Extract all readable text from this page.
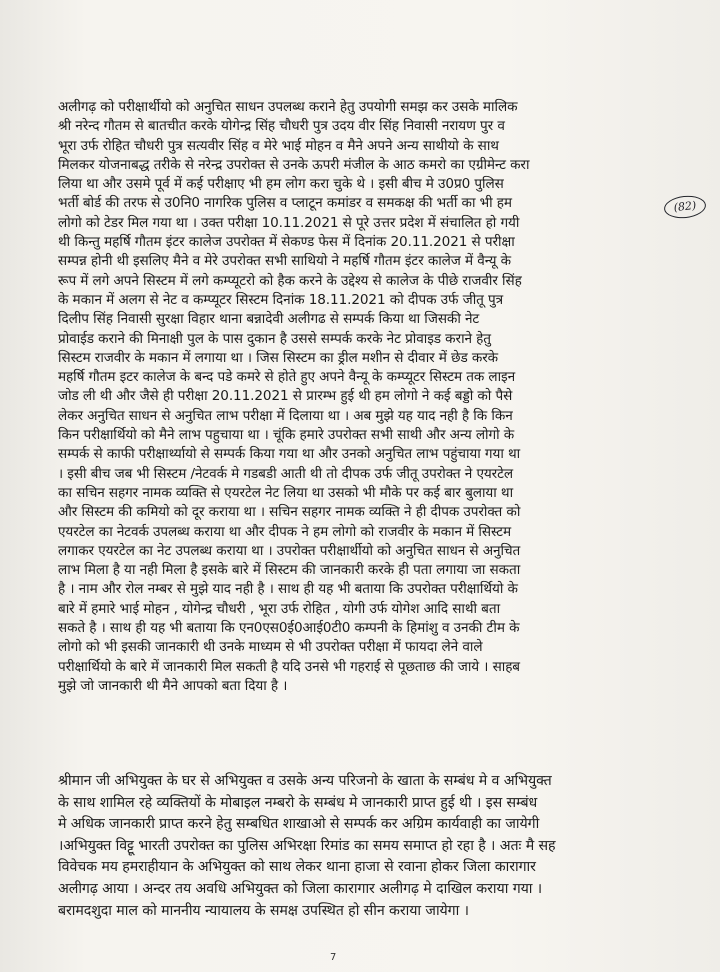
अलीगढ़ को परीक्षार्थीयो को अनुचित साधन उपलब्ध कराने हेतु उपयोगी समझ कर उसके मालिक
श्री नरेन्द गौतम से बातचीत करके योगेन्द्र सिंह चौधरी पुत्र उदय वीर सिंह निवासी नरायण पुर व
भूरा उर्फ रोहित चौधरी पुत्र सत्यवीर सिंह व मेरे भाई मोहन व मैने अपने अन्य साथीयो के साथ
मिलकर योजनाबद्ध तरीके से नरेन्द्र उपरोक्त से उनके ऊपरी मंजील के आठ कमरो का एग्रीमेन्ट करा
लिया था और उसमे पूर्व में कई परीक्षाए भी हम लोग करा चुके थे । इसी बीच मे उ0प्र0 पुलिस
भर्ती बोर्ड की तरफ से उ0नि0 नागरिक पुलिस व प्लाटून कमांडर व समकक्ष की भर्ती का भी हम
लोगो को टेडर मिल गया था । उक्त परीक्षा 10.11.2021 से पूरे उत्तर प्रदेश में संचालित हो गयी
थी किन्तु महर्षि गौतम इंटर कालेज उपरोक्त में सेकण्ड फेस में दिनांक 20.11.2021 से परीक्षा
सम्पन्न होनी थी इसलिए मैने व मेरे उपरोक्त सभी साथियो ने महर्षि गौतम इंटर कालेज में वैन्यू के
रूप में लगे अपने सिस्टम में लगे कम्प्यूटरो को हैक करने के उद्देश्य से कालेज के पीछे राजवीर सिंह
के मकान में अलग से नेट व कम्प्यूटर सिस्टम दिनांक 18.11.2021 को दीपक उर्फ जीतू पुत्र
दिलीप सिंह निवासी सुरक्षा विहार थाना बन्नादेवी अलीगढ से सम्पर्क किया था जिसकी नेट
प्रोवाईड कराने की मिनाक्षी पुल के पास दुकान है उससे सम्पर्क करके नेट प्रोवाइड कराने हेतु
सिस्टम राजवीर के मकान में लगाया था । जिस सिस्टम का ड्रील मशीन से दीवार में छेड करके
महर्षि गौतम इटर कालेज के बन्द पडे कमरे से होते हुए अपने वैन्यू के कम्प्यूटर सिस्टम तक लाइन
जोड ली थी और जैसे ही परीक्षा 20.11.2021 से प्रारम्भ हुई थी हम लोगो ने कई बड्डो को पैसे
लेकर अनुचित साधन से अनुचित लाभ परीक्षा में दिलाया था । अब मुझे यह याद नही है कि किन
किन परीक्षार्थियो को मैने लाभ पहुचाया था । चूंकि हमारे उपरोक्त सभी साथी और अन्य लोगो के
सम्पर्क से काफी परीक्षार्थ्यायो से सम्पर्क किया गया था और उनको अनुचित लाभ पहुंचाया गया था
। इसी बीच जब भी सिस्टम /नेटवर्क मे गडबडी आती थी तो दीपक उर्फ जीतू उपरोक्त ने एयरटेल
का सचिन सहगर नामक व्यक्ति से एयरटेल नेट लिया था उसको भी मौके पर कई बार बुलाया था
और सिस्टम की कमियो को दूर कराया था । सचिन सहगर नामक व्यक्ति ने ही दीपक उपरोक्त को
एयरटेल का नेटवर्क उपलब्ध कराया था और दीपक ने हम लोगो को राजवीर के मकान में सिस्टम
लगाकर एयरटेल का नेट उपलब्ध कराया था । उपरोक्त परीक्षार्थीयो को अनुचित साधन से अनुचित
लाभ मिला है या नही मिला है इसके बारे में सिस्टम की जानकारी करके ही पता लगाया जा सकता
है । नाम और रोल नम्बर से मुझे याद नही है । साथ ही यह भी बताया कि उपरोक्त परीक्षार्थियो के
बारे में हमारे भाई मोहन , योगेन्द्र चौधरी , भूरा उर्फ रोहित , योगी उर्फ योगेश आदि साथी बता
सकते है । साथ ही यह भी बताया कि एन0एस0ई0आई0टी0 कम्पनी के हिमांशु व उनकी टीम के
लोगो को भी इसकी जानकारी थी उनके माध्यम से भी उपरोक्त परीक्षा में फायदा लेने वाले
परीक्षार्थियो के बारे में जानकारी मिल सकती है यदि उनसे भी गहराई से पूछताछ की जाये । साहब
मुझे जो जानकारी थी मैने आपको बता दिया है ।
(82)
श्रीमान जी अभियुक्त के घर से अभियुक्त व उसके अन्य परिजनो के खाता के सम्बंध मे व अभियुक्त
के साथ शामिल रहे व्यक्तियों के मोबाइल नम्बरो के सम्बंध मे जानकारी प्राप्त हुई थी । इस सम्बंध
मे अधिक जानकारी प्राप्त करने हेतु सम्बधित शाखाओ से सम्पर्क कर अग्रिम कार्यवाही का जायेगी
।अभियुक्त विट्टू भारती उपरोक्त का पुलिस अभिरक्षा रिमांड का समय समाप्त हो रहा है । अतः मै सह
विवेचक मय हमराहीयान के अभियुक्त को साथ लेकर थाना हाजा से रवाना होकर जिला कारागार
अलीगढ़ आया । अन्दर तय अवधि अभियुक्त को जिला कारागार अलीगढ़ मे दाखिल कराया गया ।
बरामदशुदा माल को माननीय न्यायालय के समक्ष उपस्थित हो सीन कराया जायेगा ।
7
